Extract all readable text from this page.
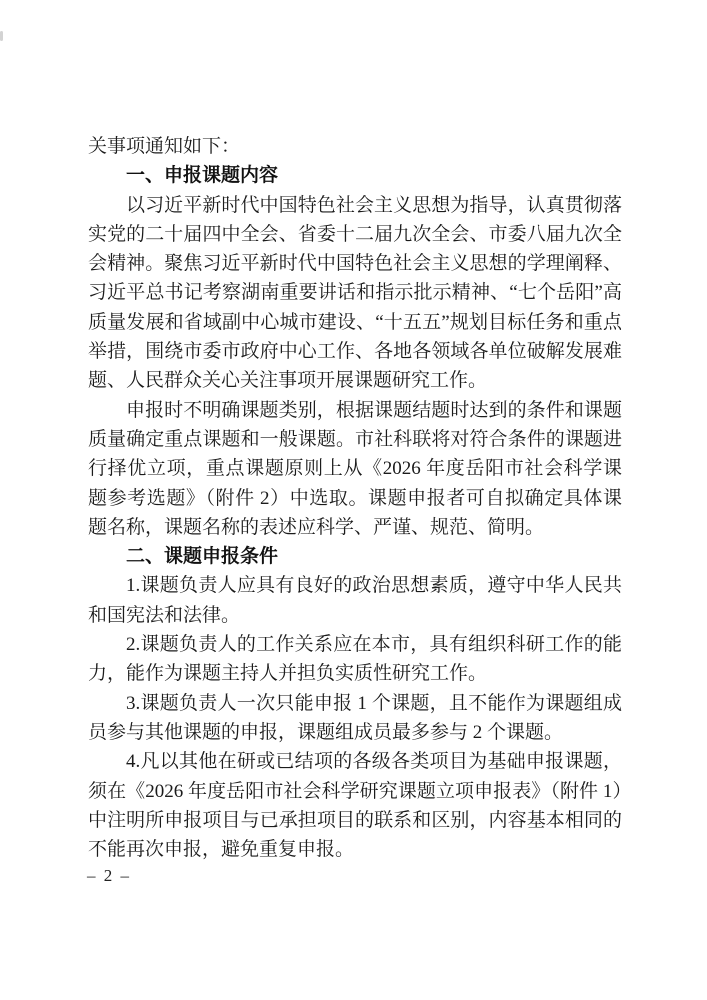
关事项通知如下：

一、申报课题内容

以习近平新时代中国特色社会主义思想为指导，认真贯彻落实党的二十届四中全会、省委十二届九次全会、市委八届九次全会精神。聚焦习近平新时代中国特色社会主义思想的学理阐释、习近平总书记考察湖南重要讲话和指示批示精神、“七个岳阳”高质量发展和省域副中心城市建设、“十五五”规划目标任务和重点举措，围绕市委市政府中心工作、各地各领域各单位破解发展难题、人民群众关心关注事项开展课题研究工作。

申报时不明确课题类别，根据课题结题时达到的条件和课题质量确定重点课题和一般课题。市社科联将对符合条件的课题进行择优立项，重点课题原则上从《2026 年度岳阳市社会科学课题参考选题》（附件 2）中选取。课题申报者可自拟确定具体课题名称，课题名称的表述应科学、严谨、规范、简明。

二、课题申报条件

1.课题负责人应具有良好的政治思想素质，遵守中华人民共和国宪法和法律。

2.课题负责人的工作关系应在本市，具有组织科研工作的能力，能作为课题主持人并担负实质性研究工作。

3.课题负责人一次只能申报 1 个课题，且不能作为课题组成员参与其他课题的申报，课题组成员最多参与 2 个课题。

4.凡以其他在研或已结项的各级各类项目为基础申报课题，须在《2026 年度岳阳市社会科学研究课题立项申报表》（附件 1）中注明所申报项目与已承担项目的联系和区别，内容基本相同的不能再次申报，避免重复申报。

– 2 –
